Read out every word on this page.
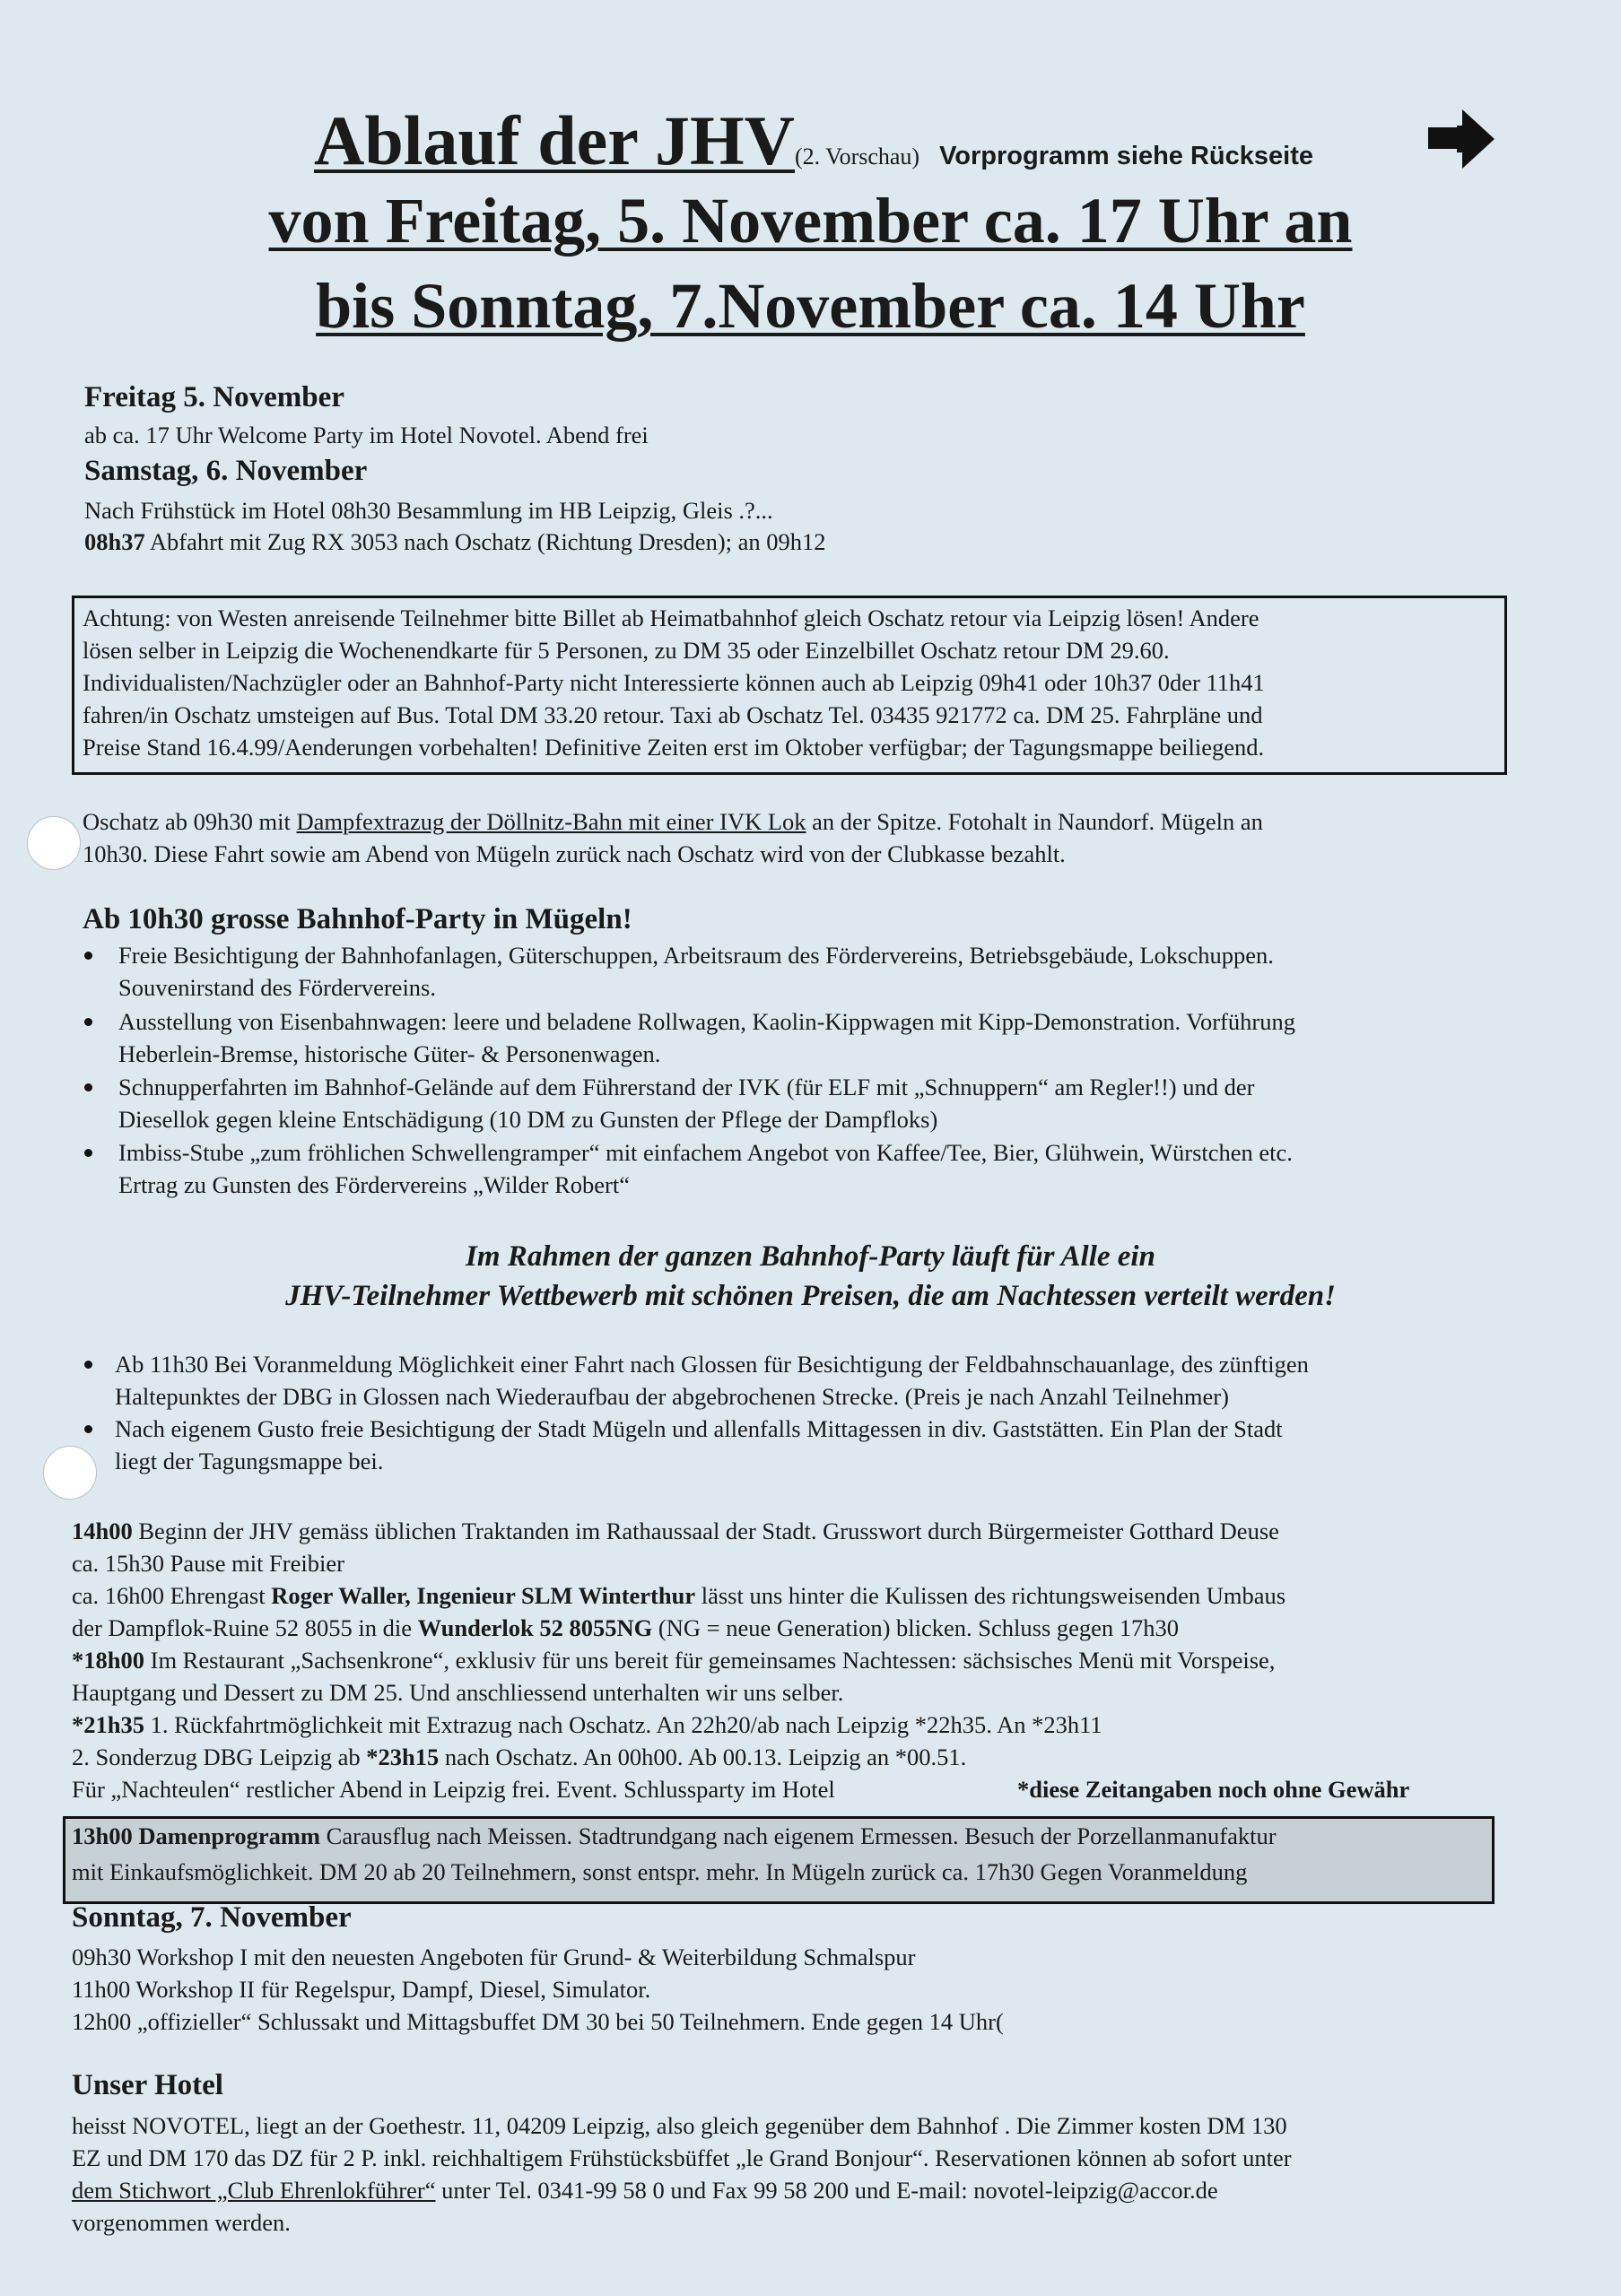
Ablauf der JHV(2. Vorschau) Vorprogramm siehe Rückseite
von Freitag, 5. November ca. 17 Uhr an
bis Sonntag, 7.November ca. 14 Uhr
Freitag 5. November
ab ca. 17 Uhr Welcome Party im Hotel Novotel. Abend frei
Samstag, 6. November
Nach Frühstück im Hotel 08h30 Besammlung im HB Leipzig, Gleis .?...
08h37 Abfahrt mit Zug RX 3053 nach Oschatz (Richtung Dresden); an 09h12
Achtung: von Westen anreisende Teilnehmer bitte Billet ab Heimatbahnhof gleich Oschatz retour via Leipzig lösen! Andere
lösen selber in Leipzig die Wochenendkarte für 5 Personen, zu DM 35 oder Einzelbillet Oschatz retour DM 29.60.
Individualisten/Nachzügler oder an Bahnhof-Party nicht Interessierte können auch ab Leipzig 09h41 oder 10h37 0der 11h41
fahren/in Oschatz umsteigen auf Bus. Total DM 33.20 retour. Taxi ab Oschatz Tel. 03435 921772 ca. DM 25. Fahrpläne und
Preise Stand 16.4.99/Aenderungen vorbehalten! Definitive Zeiten erst im Oktober verfügbar; der Tagungsmappe beiliegend.
Oschatz ab 09h30 mit Dampfextrazug der Döllnitz-Bahn mit einer IVK Lok an der Spitze. Fotohalt in Naundorf. Mügeln an
10h30. Diese Fahrt sowie am Abend von Mügeln zurück nach Oschatz wird von der Clubkasse bezahlt.
Ab 10h30 grosse Bahnhof-Party in Mügeln!
Freie Besichtigung der Bahnhofanlagen, Güterschuppen, Arbeitsraum des Fördervereins, Betriebsgebäude, Lokschuppen.
Souvenirstand des Fördervereins.
Ausstellung von Eisenbahnwagen: leere und beladene Rollwagen, Kaolin-Kippwagen mit Kipp-Demonstration. Vorführung
Heberlein-Bremse, historische Güter- & Personenwagen.
Schnupperfahrten im Bahnhof-Gelände auf dem Führerstand der IVK (für ELF mit „Schnuppern“ am Regler!!) und der
Diesellok gegen kleine Entschädigung (10 DM zu Gunsten der Pflege der Dampfloks)
Imbiss-Stube „zum fröhlichen Schwellengramper“ mit einfachem Angebot von Kaffee/Tee, Bier, Glühwein, Würstchen etc.
Ertrag zu Gunsten des Fördervereins „Wilder Robert“
Im Rahmen der ganzen Bahnhof-Party läuft für Alle ein
JHV-Teilnehmer Wettbewerb mit schönen Preisen, die am Nachtessen verteilt werden!
Ab 11h30 Bei Voranmeldung Möglichkeit einer Fahrt nach Glossen für Besichtigung der Feldbahnschauanlage, des zünftigen
Haltepunktes der DBG in Glossen nach Wiederaufbau der abgebrochenen Strecke. (Preis je nach Anzahl Teilnehmer)
Nach eigenem Gusto freie Besichtigung der Stadt Mügeln und allenfalls Mittagessen in div. Gaststätten. Ein Plan der Stadt
liegt der Tagungsmappe bei.
14h00 Beginn der JHV gemäss üblichen Traktanden im Rathaussaal der Stadt. Grusswort durch Bürgermeister Gotthard Deuse
ca. 15h30 Pause mit Freibier
ca. 16h00 Ehrengast Roger Waller, Ingenieur SLM Winterthur lässt uns hinter die Kulissen des richtungsweisenden Umbaus
der Dampflok-Ruine 52 8055 in die Wunderlok 52 8055NG (NG = neue Generation) blicken. Schluss gegen 17h30
*18h00 Im Restaurant „Sachsenkrone“, exklusiv für uns bereit für gemeinsames Nachtessen: sächsisches Menü mit Vorspeise,
Hauptgang und Dessert zu DM 25. Und anschliessend unterhalten wir uns selber.
*21h35 1. Rückfahrtmöglichkeit mit Extrazug nach Oschatz. An 22h20/ab nach Leipzig *22h35. An *23h11
2. Sonderzug DBG Leipzig ab *23h15 nach Oschatz. An 00h00. Ab 00.13. Leipzig an *00.51.
Für „Nachteulen“ restlicher Abend in Leipzig frei. Event. Schlussparty im Hotel	*diese Zeitangaben noch ohne Gewähr
13h00 Damenprogramm Carausflug nach Meissen. Stadtrundgang nach eigenem Ermessen. Besuch der Porzellanmanufaktur
mit Einkaufsmöglichkeit. DM 20 ab 20 Teilnehmern, sonst entspr. mehr. In Mügeln zurück ca. 17h30 Gegen Voranmeldung
Sonntag, 7. November
09h30 Workshop I mit den neuesten Angeboten für Grund- & Weiterbildung Schmalspur
11h00 Workshop II für Regelspur, Dampf, Diesel, Simulator.
12h00 „offizieller“ Schlussakt und Mittagsbuffet DM 30 bei 50 Teilnehmern. Ende gegen 14 Uhr(
Unser Hotel
heisst NOVOTEL, liegt an der Goethestr. 11, 04209 Leipzig, also gleich gegenüber dem Bahnhof . Die Zimmer kosten DM 130
EZ und DM 170 das DZ für 2 P. inkl. reichhaltigem Frühstücksbüffet „le Grand Bonjour“. Reservationen können ab sofort unter
dem Stichwort „Club Ehrenlokführer“ unter Tel. 0341-99 58 0 und Fax 99 58 200 und E-mail: novotel-leipzig@accor.de
vorgenommen werden.
